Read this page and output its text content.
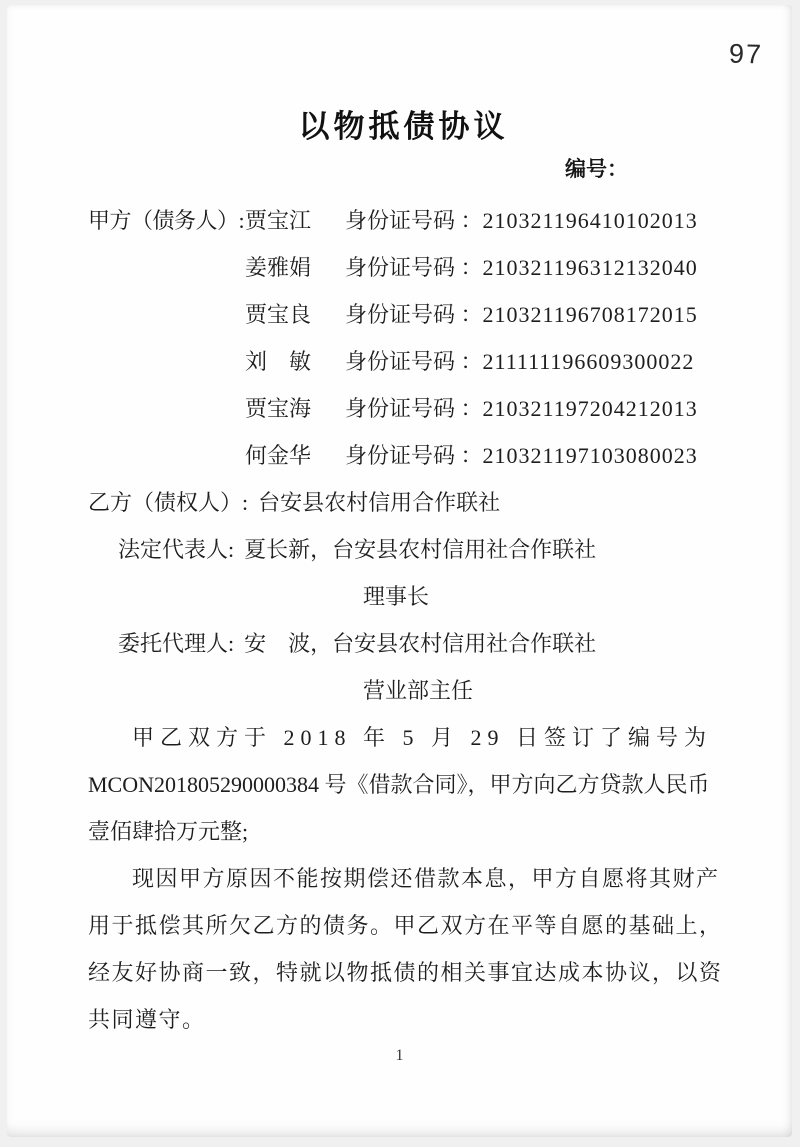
97
以物抵债协议
编号：
甲方（债务人）: 贾宝江	身份证号码 ： 210321196410102013
姜雅娟	身份证号码 ： 210321196312132040
贾宝良	身份证号码 ： 210321196708172015
刘　敏	身份证号码 ： 211111196609300022
贾宝海	身份证号码 ： 210321197204212013
何金华	身份证号码 ： 210321197103080023
乙方（债权人）: 台安县农村信用合作联社
法定代表人: 夏长新，台安县农村信用社合作联社
理事长
委托代理人: 安　波，台安县农村信用社合作联社
营业部主任
甲乙双方于 2018 年 5 月 29 日签订了编号为
MCON201805290000384 号《借款合同》，甲方向乙方贷款人民币
壹佰肆拾万元整;
现因甲方原因不能按期偿还借款本息，甲方自愿将其财产
用于抵偿其所欠乙方的债务。甲乙双方在平等自愿的基础上，
经友好协商一致，特就以物抵债的相关事宜达成本协议，以资
共同遵守。
1
